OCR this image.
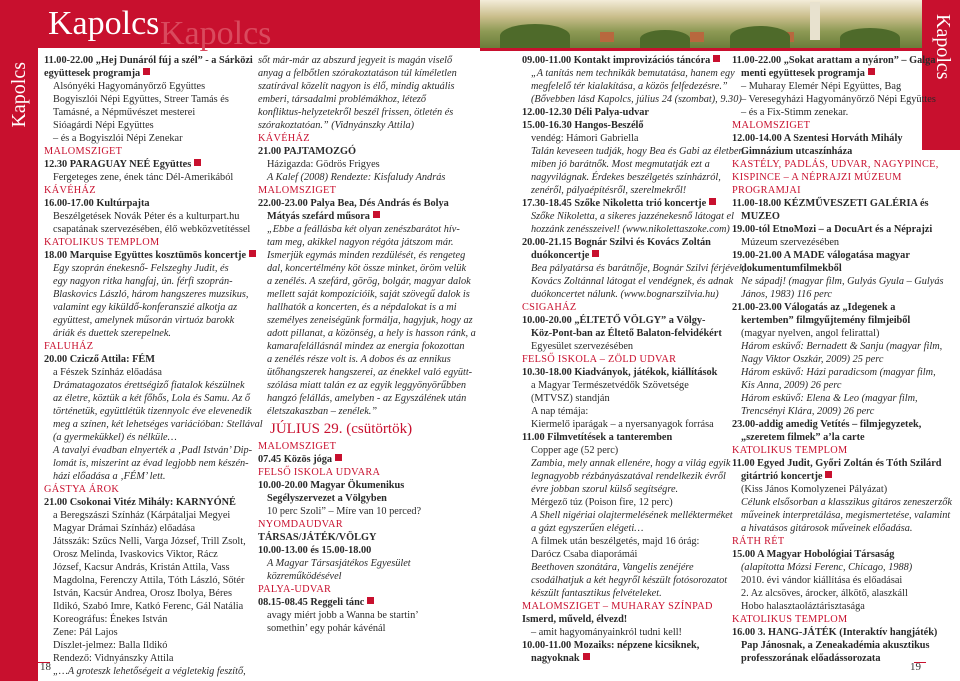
Kapolcs
Kapolcs
Kapolcs
11.00-22.00 „Hej Dunáról fúj a szél” - a Sárközi
együttesek programja
Alsónyéki Hagyományőrző Együttes
Bogyiszlói Népi Együttes, Streer Tamás és
Tamásné, a Népművészet mesterei
Sióagárdi Népi Együttes
– és a Bogyiszlói Népi Zenekar
MALOMSZIGET
12.30 PARAGUAY NEÉ Együttes
Fergeteges zene, ének tánc Dél-Amerikából
KÁVÉHÁZ
16.00-17.00 Kultúrpajta
Beszélgetések Novák Péter és a kulturpart.hu
csapatának szervezésében, élő webközvetítéssel
KATOLIKUS TEMPLOM
18.00 Marquise Együttes kosztümös koncertje
Egy szoprán énekesnő- Felszeghy Judit, és
egy nagyon ritka hangfaj, ún. férfi szoprán-
Blaskovics László, három hangszeres muzsikus,
valamint egy kiküldő-konferanszié alkotja az
együttest, amelynek műsorán virtuóz barokk
áriák és duettek szerepelnek.
FALUHÁZ
20.00 Czicző Attila: FÉM
a Fészek Színház előadása
Drámatagozatos érettségiző fiatalok készülnek
az életre, köztük a két főhős, Lola és Samu. Az ő
történetük, együttlétük tizennyolc éve elevenedik
meg a színen, két lehetséges variációban: Stellával
(a gyermekükkel) és nélküle…
A tavalyi évadban elnyerték a ‚Padl István’ Dip-
lomát is, miszerint az évad legjobb nem készén-
házi előadása a ‚FÉM’ lett.
GÁSTYA ÁROK
21.00 Csokonai Vitéz Mihály: KARNYÓNÉ
a Beregszászi Színház (Kárpátaljai Megyei
Magyar Drámai Színház) előadása
Játsszák: Szűcs Nelli, Varga József, Trill Zsolt,
Orosz Melinda, Ivaskovics Viktor, Rácz
József, Kacsur András, Kristán Attila, Vass
Magdolna, Ferenczy Attila, Tóth László, Sőtér
István, Kacsúr Andrea, Orosz Ibolya, Béres
Ildikó, Szabó Imre, Katkó Ferenc, Gál Natália
Koreográfus: Énekes István
Zene: Pál Lajos
Díszlet-jelmez: Balla Ildikó
Rendező: Vidnyánszky Attila
„…A groteszk lehetőségeit a végletekig feszítő,
sőt már-már az abszurd jegyeit is magán viselő
anyag a felbőtlen szórakoztatáson túl kíméletlen
szatírával közelít nagyon is élő, mindig aktuális
emberi, társadalmi problémákhoz, létező
konfliktus-helyzetekről beszél frissen, ötletén és
szórakoztatóan.” (Vidnyánszky Attila)
KÁVÉHÁZ
21.00 PAJTAMOZGÓ
Házigazda: Gödrös Frigyes
A Kalef (2008) Rendezte: Kisfaludy András
MALOMSZIGET
22.00-23.00 Palya Bea, Dés András és Bolya
Mátyás szefárd műsora
„Ebbe a feállásba két olyan zenészbarátot hív-
tam meg, akikkel nagyon régóta játszom már.
Ismerjük egymás minden rezdülését, és rengeteg
dal, koncertélmény köt össze minket, öröm velük
a zenélés. A szefárd, görög, bolgár, magyar dalok
mellett saját kompozícióik, saját szövegű dalok is
hallhatók a koncerten, és a népdalokat is a mi
személyes zeneiségünk formálja, hagyjuk, hogy az
adott pillanat, a közönség, a hely is hasson ránk, a
kamarafelállásnál mindez az energia fokozottan
a zenélés része volt is. A dobos és az ennikus
ütőhangszerek hangszerei, az énekkel való együtt-
szólása miatt talán ez az egyik leggyönyörűbben
hangzó felállás, amelyben - az Egyszálének után
életszakaszban – zenélek.”
JÚLIUS 29. (csütörtök)
MALOMSZIGET
07.45 Közös jóga
FELSŐ ISKOLA UDVARA
10.00-20.00 Magyar Ökumenikus
Segélyszervezet a Völgyben
10 perc Szoli” – Míre van 10 perced?
NYOMDAUDVAR
TÁRSAS/JÁTÉK/VÖLGY
10.00-13.00 és 15.00-18.00
A Magyar Társasjátékos Egyesület
közreműködésével
PALYA-UDVAR
08.15-08.45 Reggeli tánc
avagy miért jobb a Wanna be startin’
somethin’ egy pohár kávénál
18
Kapolcs
09.00-11.00 Kontakt improvizációs táncóra
„A tanítás nem technikák bemutatása, hanem egy
megfelelő tér kialakítása, a közös felfedezésre.”
(Bővebben lásd Kapolcs, július 24 (szombat), 9.30)
12.00-12.30 Déli Palya-udvar
15.00-16.30 Hangos-Beszélő
vendég: Hámori Gabriella
Talán keveseen tudják, hogy Bea és Gabi az életben
miben jó barátnők. Most megmutatják ezt a
nagyvilágnak. Érdekes beszélgetés színházról,
zenéről, pályaépítésről, szerelmekről!
17.30-18.45 Szőke Nikoletta trió koncertje
Szőke Nikoletta, a sikeres jazzénekesnő látogat el
hozzánk zenésszeivel! (www.nikolettaszoke.com)
20.00-21.15 Bognár Szilvi és Kovács Zoltán
duókoncertje
Bea pályatársa és barátnője, Bognár Szilvi férjével,
Kovács Zoltánnal látogat el vendégnek, és adnak
duókoncertet nálunk. (www.bognarszilvia.hu)
CSIGAHÁZ
10.00-20.00 „ÉLTETŐ VÖLGY” a Völgy-
Köz-Pont-ban az Éltető Balaton-felvidékért
Egyesület szervezésében
FELSŐ ISKOLA – ZÖLD UDVAR
10.30-18.00 Kiadványok, játékok, kiállítások
a Magyar Természetvédők Szövetsége
(MTVSZ) standján
A nap témája:
Kiermelő iparágak – a nyersanyagok forrása
11.00 Filmvetítések a tanteremben
Copper age (52 perc)
Zambia, mely annak ellenére, hogy a világ egyik
legnagyobb rézbányászatával rendelkezik évről
évre jobban szorul külső segítségre.
Mérgező túz (Poison fire, 12 perc)
A Shell nigériai olajtermelésének mellékterméket
a gázt egyszerűen elégeti…
A filmek után beszélgetés, majd 16 órág:
Darócz Csaba diaporámái
Beethoven szonátára, Vangelis zenéjére
csodálhatjuk a két hegyről készült fotósorozatot
készült fantasztikus felvételeket.
MALOMSZIGET – MUHARAY SZÍNPAD
Ismerd, műveld, élvezd!
– amit hagyományainkról tudni kell!
10.00-11.00 Mozaiks: népzene kicsiknek,
nagyoknak
11.00-22.00 „Sokat arattam a nyáron” – Galga
menti együttesek programja
– Muharay Elemér Népi Együttes, Bag
– Veresegyházi Hagyományőrző Népi Együttes
– és a Fix-Stimm zenekar.
MALOMSZIGET
12.00-14.00 A Szentesi Horváth Mihály
Gimnázium utcaszínháza
KASTÉLY, PADLÁS, UDVAR, NAGYPINCE,
KISPINCE – A NÉPRAJZI MÚZEUM
PROGRAMJAI
11.00-18.00 KÉZMŰVESZETI GALÉRIA és
MUZEO
19.00-tól EtnoMozi – a DocuArt és a Néprajzi
Múzeum szervezésében
19.00-21.00 A MADE válogatása magyar
dokumentumfilmekből
Ne sápadj! (magyar film, Gulyás Gyula – Gulyás
János, 1983) 116 perc
21.00-23.00 Válogatás az „Idegenek a
kertemben” filmgyűjtemény filmjeiből
(magyar nyelven, angol felirattal)
Három esküvő: Bernadett & Sanju (magyar film,
Nagy Viktor Oszkár, 2009) 25 perc
Három esküvő: Házi paradicsom (magyar film,
Kis Anna, 2009) 26 perc
Három esküvő: Elena & Leo (magyar film,
Trencsényi Klára, 2009) 26 perc
23.00-addig amedig Vetítés – filmjegyzetek,
„szeretem filmek” a’la carte
KATOLIKUS TEMPLOM
11.00 Egyed Judit, Győri Zoltán és Tóth Szilárd
gitártrió koncertje
(Kiss János Komolyzenei Pályázat)
Célunk elsősorban a klasszikus gitáros zeneszerzők
műveinek interpretálása, megismertetése, valamint
a hivatásos gitárosok műveinek előadása.
RÁTH RÉT
15.00 A Magyar Hobológiai Társaság
(alapította Mózsi Ferenc, Chicago, 1988)
2010. évi vándor kiállítása és előadásai
2. Az alcsöves, árocker, álkötő, alaszkáll
Hobo halasztaoláztárisztasága
KATOLIKUS TEMPLOM
16.00 3. HANG-JÁTÉK (Interaktív hangjáték)
Pap Jánosnak, a Zeneakadémia akusztikus
professzorának előadássorozata
19
